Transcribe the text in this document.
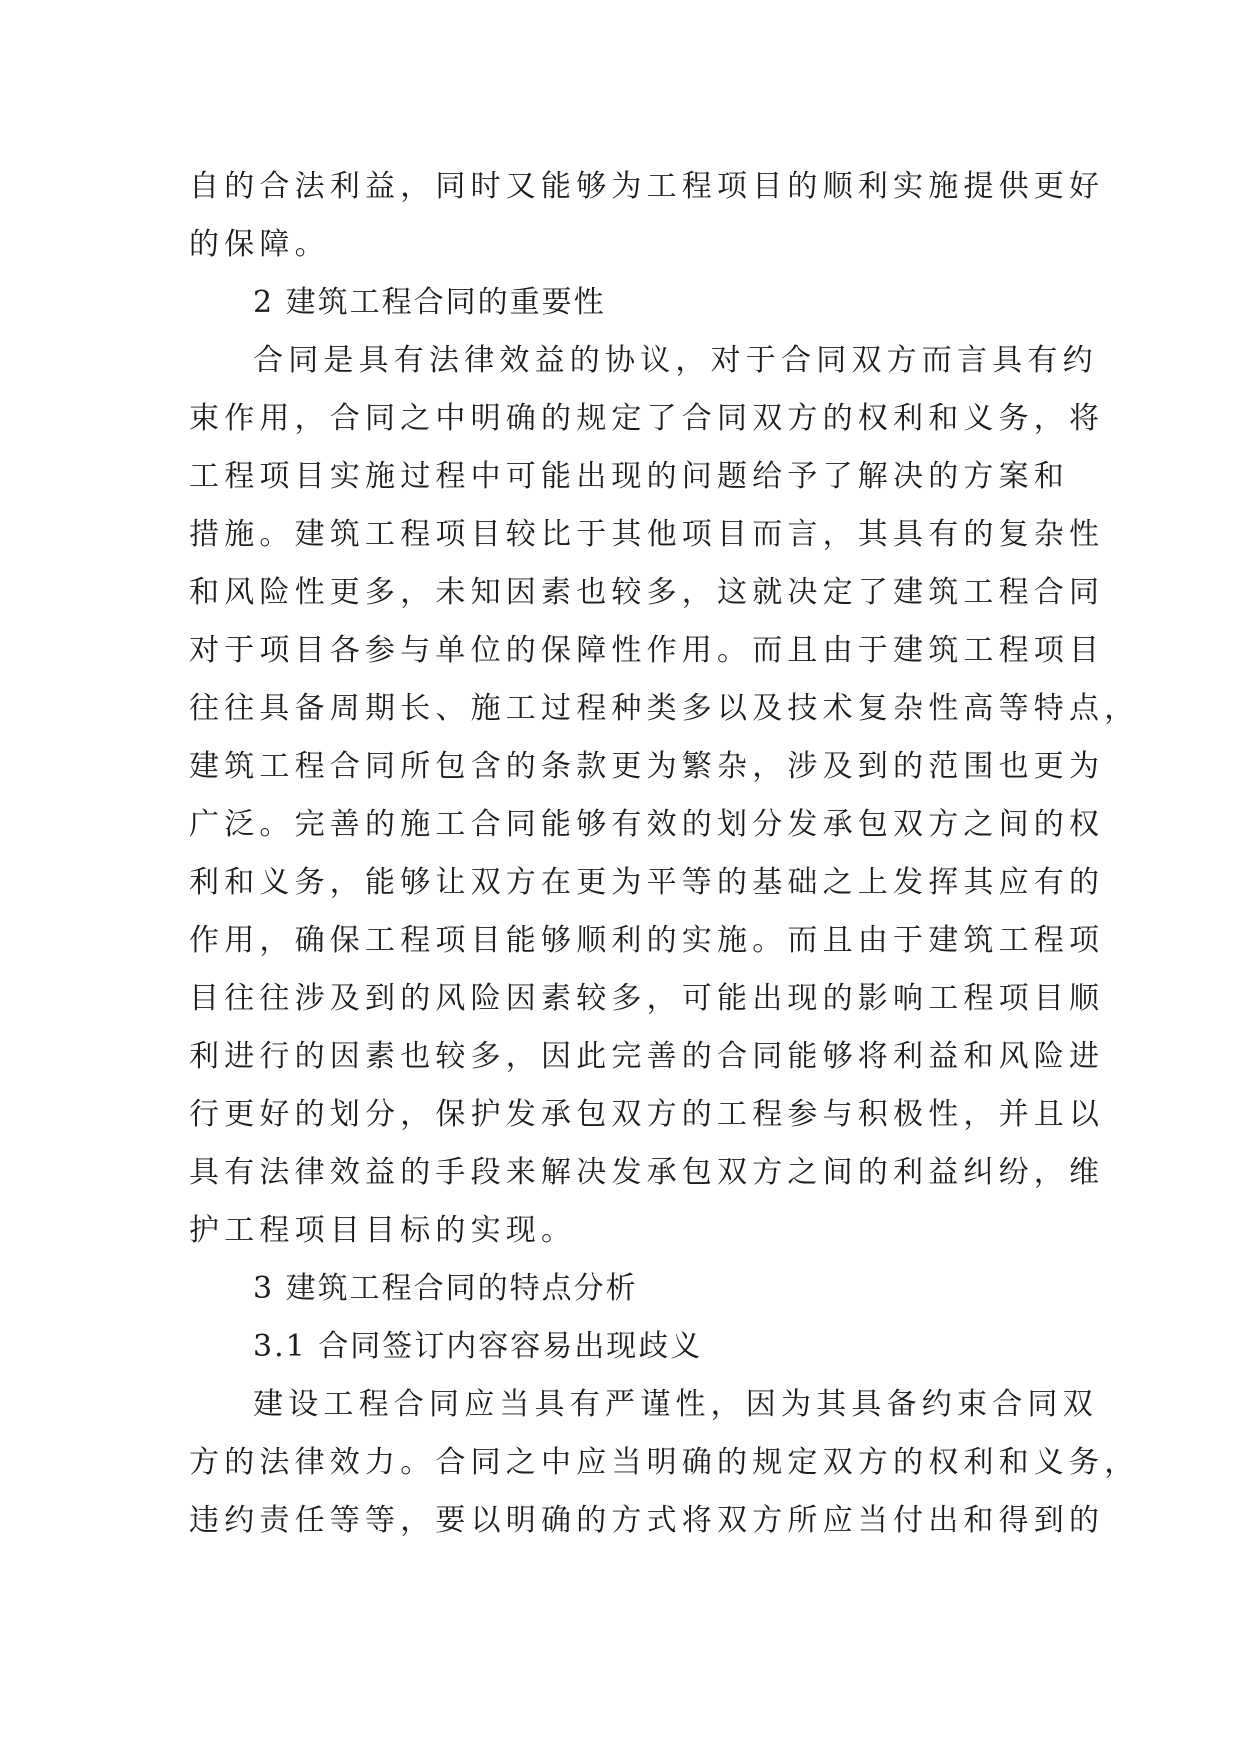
自的合法利益，同时又能够为工程项目的顺利实施提供更好
的保障。
2 建筑工程合同的重要性
合同是具有法律效益的协议，对于合同双方而言具有约
束作用，合同之中明确的规定了合同双方的权利和义务，将
工程项目实施过程中可能出现的问题给予了解决的方案和
措施。建筑工程项目较比于其他项目而言，其具有的复杂性
和风险性更多，未知因素也较多，这就决定了建筑工程合同
对于项目各参与单位的保障性作用。而且由于建筑工程项目
往往具备周期长、施工过程种类多以及技术复杂性高等特点，
建筑工程合同所包含的条款更为繁杂，涉及到的范围也更为
广泛。完善的施工合同能够有效的划分发承包双方之间的权
利和义务，能够让双方在更为平等的基础之上发挥其应有的
作用，确保工程项目能够顺利的实施。而且由于建筑工程项
目往往涉及到的风险因素较多，可能出现的影响工程项目顺
利进行的因素也较多，因此完善的合同能够将利益和风险进
行更好的划分，保护发承包双方的工程参与积极性，并且以
具有法律效益的手段来解决发承包双方之间的利益纠纷，维
护工程项目目标的实现。
3 建筑工程合同的特点分析
3.1 合同签订内容容易出现歧义
建设工程合同应当具有严谨性，因为其具备约束合同双
方的法律效力。合同之中应当明确的规定双方的权利和义务，
违约责任等等，要以明确的方式将双方所应当付出和得到的
